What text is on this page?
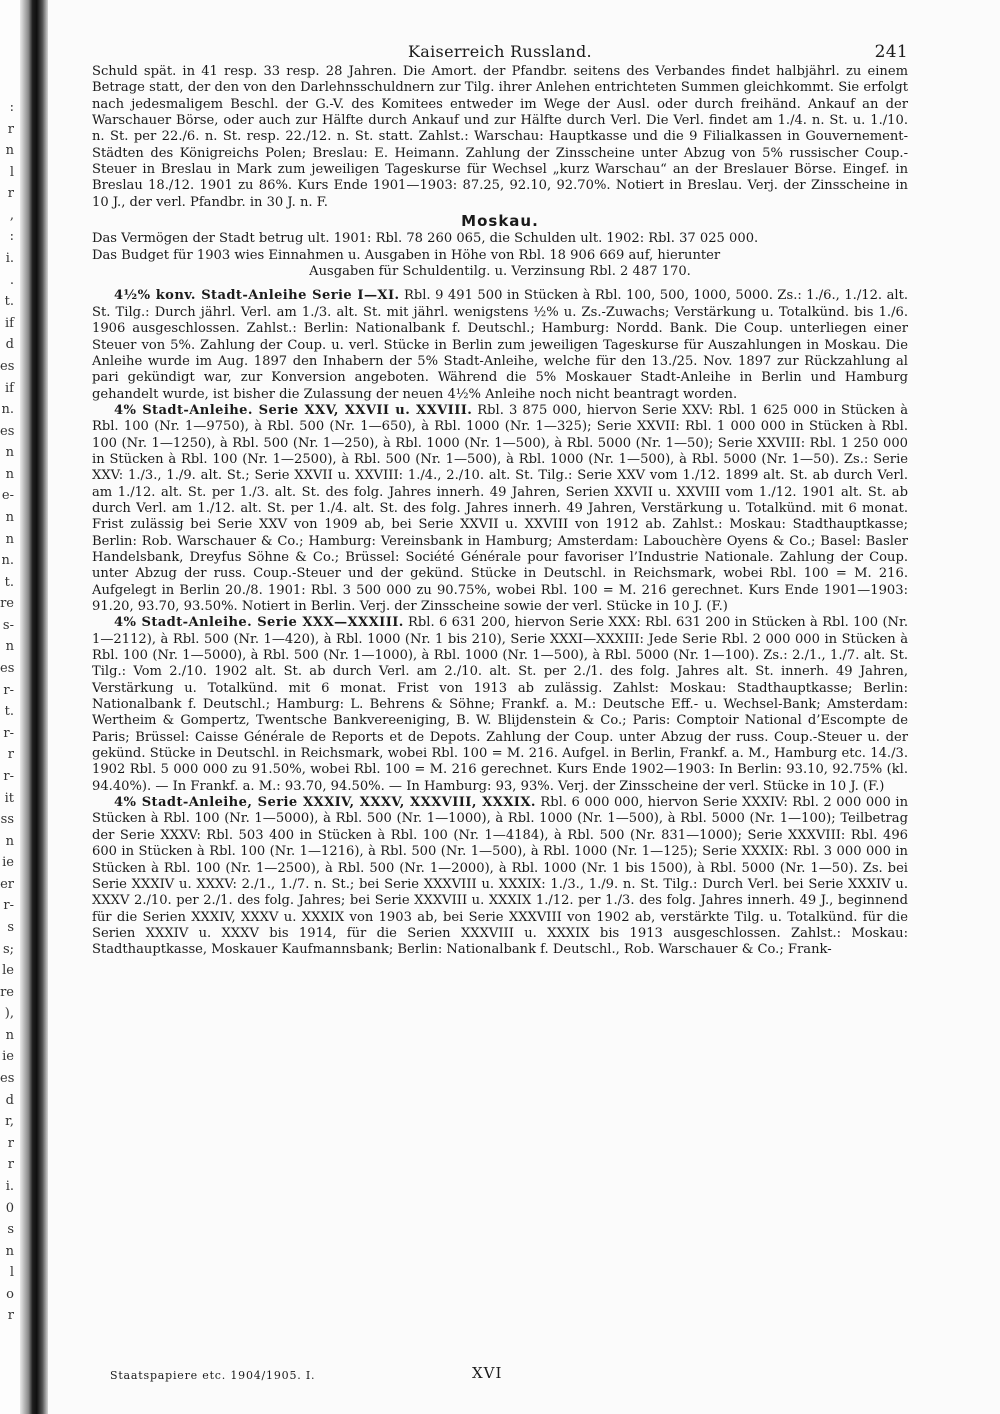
:
r
n
l
r
,
:
i.
.
t.
if
d
es
if
n.
es
n
n
e-
n
n
n.
t.
re
s-
n
es
r-
t.
r-
r
r-
it
ss
n
ie
er
r-
s
s;
le
re
),
n
ie
es
d
r,
r
r
i.
0
s
n
l
o
r
Kaiserreich Russland.	241

Schuld spät. in 41 resp. 33 resp. 28 Jahren. Die Amort. der Pfandbr. seitens des Verbandes findet halbjährl. zu einem Betrage statt, der den von den Darlehnsschuldnern zur Tilg. ihrer Anlehen entrichteten Summen gleichkommt. Sie erfolgt nach jedesmaligem Beschl. der G.-V. des Komitees entweder im Wege der Ausl. oder durch freihänd. Ankauf an der Warschauer Börse, oder auch zur Hälfte durch Ankauf und zur Hälfte durch Verl. Die Verl. findet am 1./4. n. St. u. 1./10. n. St. per 22./6. n. St. resp. 22./12. n. St. statt. Zahlst.: Warschau: Hauptkasse und die 9 Filialkassen in Gouvernement-Städten des Königreichs Polen; Breslau: E. Heimann. Zahlung der Zinsscheine unter Abzug von 5% russischer Coup.-Steuer in Breslau in Mark zum jeweiligen Tageskurse für Wechsel „kurz Warschau“ an der Breslauer Börse. Eingef. in Breslau 18./12. 1901 zu 86%. Kurs Ende 1901—1903: 87.25, 92.10, 92.70%. Notiert in Breslau. Verj. der Zinsscheine in 10 J., der verl. Pfandbr. in 30 J. n. F.

Moskau.

Das Vermögen der Stadt betrug ult. 1901: Rbl. 78 260 065, die Schulden ult. 1902: Rbl. 37 025 000.

Das Budget für 1903 wies Einnahmen u. Ausgaben in Höhe von Rbl. 18 906 669 auf, hierunter

Ausgaben für Schuldentilg. u. Verzinsung Rbl. 2 487 170.

4½% konv. Stadt-Anleihe Serie I—XI. Rbl. 9 491 500 in Stücken à Rbl. 100, 500, 1000, 5000. Zs.: 1./6., 1./12. alt. St. Tilg.: Durch jährl. Verl. am 1./3. alt. St. mit jährl. wenigstens ½% u. Zs.-Zuwachs; Verstärkung u. Totalkünd. bis 1./6. 1906 ausgeschlossen. Zahlst.: Berlin: Nationalbank f. Deutschl.; Hamburg: Nordd. Bank. Die Coup. unterliegen einer Steuer von 5%. Zahlung der Coup. u. verl. Stücke in Berlin zum jeweiligen Tageskurse für Auszahlungen in Moskau. Die Anleihe wurde im Aug. 1897 den Inhabern der 5% Stadt-Anleihe, welche für den 13./25. Nov. 1897 zur Rückzahlung al pari gekündigt war, zur Konversion angeboten. Während die 5% Moskauer Stadt-Anleihe in Berlin und Hamburg gehandelt wurde, ist bisher die Zulassung der neuen 4½% Anleihe noch nicht beantragt worden.

4% Stadt-Anleihe. Serie XXV, XXVII u. XXVIII. Rbl. 3 875 000, hiervon Serie XXV: Rbl. 1 625 000 in Stücken à Rbl. 100 (Nr. 1—9750), à Rbl. 500 (Nr. 1—650), à Rbl. 1000 (Nr. 1—325); Serie XXVII: Rbl. 1 000 000 in Stücken à Rbl. 100 (Nr. 1—1250), à Rbl. 500 (Nr. 1—250), à Rbl. 1000 (Nr. 1—500), à Rbl. 5000 (Nr. 1—50); Serie XXVIII: Rbl. 1 250 000 in Stücken à Rbl. 100 (Nr. 1—2500), à Rbl. 500 (Nr. 1—500), à Rbl. 1000 (Nr. 1—500), à Rbl. 5000 (Nr. 1—50). Zs.: Serie XXV: 1./3., 1./9. alt. St.; Serie XXVII u. XXVIII: 1./4., 2./10. alt. St. Tilg.: Serie XXV vom 1./12. 1899 alt. St. ab durch Verl. am 1./12. alt. St. per 1./3. alt. St. des folg. Jahres innerh. 49 Jahren, Serien XXVII u. XXVIII vom 1./12. 1901 alt. St. ab durch Verl. am 1./12. alt. St. per 1./4. alt. St. des folg. Jahres innerh. 49 Jahren, Verstärkung u. Totalkünd. mit 6 monat. Frist zulässig bei Serie XXV von 1909 ab, bei Serie XXVII u. XXVIII von 1912 ab. Zahlst.: Moskau: Stadthauptkasse; Berlin: Rob. Warschauer & Co.; Hamburg: Vereinsbank in Hamburg; Amsterdam: Labouchère Oyens & Co.; Basel: Basler Handelsbank, Dreyfus Söhne & Co.; Brüssel: Société Générale pour favoriser l’Industrie Nationale. Zahlung der Coup. unter Abzug der russ. Coup.-Steuer und der gekünd. Stücke in Deutschl. in Reichsmark, wobei Rbl. 100 = M. 216. Aufgelegt in Berlin 20./8. 1901: Rbl. 3 500 000 zu 90.75%, wobei Rbl. 100 = M. 216 gerechnet. Kurs Ende 1901—1903: 91.20, 93.70, 93.50%. Notiert in Berlin. Verj. der Zinsscheine sowie der verl. Stücke in 10 J. (F.)

4% Stadt-Anleihe. Serie XXX—XXXIII. Rbl. 6 631 200, hiervon Serie XXX: Rbl. 631 200 in Stücken à Rbl. 100 (Nr. 1—2112), à Rbl. 500 (Nr. 1—420), à Rbl. 1000 (Nr. 1 bis 210), Serie XXXI—XXXIII: Jede Serie Rbl. 2 000 000 in Stücken à Rbl. 100 (Nr. 1—5000), à Rbl. 500 (Nr. 1—1000), à Rbl. 1000 (Nr. 1—500), à Rbl. 5000 (Nr. 1—100). Zs.: 2./1., 1./7. alt. St. Tilg.: Vom 2./10. 1902 alt. St. ab durch Verl. am 2./10. alt. St. per 2./1. des folg. Jahres alt. St. innerh. 49 Jahren, Verstärkung u. Totalkünd. mit 6 monat. Frist von 1913 ab zulässig. Zahlst: Moskau: Stadthauptkasse; Berlin: Nationalbank f. Deutschl.; Hamburg: L. Behrens & Söhne; Frankf. a. M.: Deutsche Eff.- u. Wechsel-Bank; Amsterdam: Wertheim & Gompertz, Twentsche Bankvereeniging, B. W. Blijdenstein & Co.; Paris: Comptoir National d’Escompte de Paris; Brüssel: Caisse Générale de Reports et de Depots. Zahlung der Coup. unter Abzug der russ. Coup.-Steuer u. der gekünd. Stücke in Deutschl. in Reichsmark, wobei Rbl. 100 = M. 216. Aufgel. in Berlin, Frankf. a. M., Hamburg etc. 14./3. 1902 Rbl. 5 000 000 zu 91.50%, wobei Rbl. 100 = M. 216 gerechnet. Kurs Ende 1902—1903: In Berlin: 93.10, 92.75% (kl. 94.40%). — In Frankf. a. M.: 93.70, 94.50%. — In Hamburg: 93, 93%. Verj. der Zinsscheine der verl. Stücke in 10 J. (F.)

4% Stadt-Anleihe, Serie XXXIV, XXXV, XXXVIII, XXXIX. Rbl. 6 000 000, hiervon Serie XXXIV: Rbl. 2 000 000 in Stücken à Rbl. 100 (Nr. 1—5000), à Rbl. 500 (Nr. 1—1000), à Rbl. 1000 (Nr. 1—500), à Rbl. 5000 (Nr. 1—100); Teilbetrag der Serie XXXV: Rbl. 503 400 in Stücken à Rbl. 100 (Nr. 1—4184), à Rbl. 500 (Nr. 831—1000); Serie XXXVIII: Rbl. 496 600 in Stücken à Rbl. 100 (Nr. 1—1216), à Rbl. 500 (Nr. 1—500), à Rbl. 1000 (Nr. 1—125); Serie XXXIX: Rbl. 3 000 000 in Stücken à Rbl. 100 (Nr. 1—2500), à Rbl. 500 (Nr. 1—2000), à Rbl. 1000 (Nr. 1 bis 1500), à Rbl. 5000 (Nr. 1—50). Zs. bei Serie XXXIV u. XXXV: 2./1., 1./7. n. St.; bei Serie XXXVIII u. XXXIX: 1./3., 1./9. n. St. Tilg.: Durch Verl. bei Serie XXXIV u. XXXV 2./10. per 2./1. des folg. Jahres; bei Serie XXXVIII u. XXXIX 1./12. per 1./3. des folg. Jahres innerh. 49 J., beginnend für die Serien XXXIV, XXXV u. XXXIX von 1903 ab, bei Serie XXXVIII von 1902 ab, verstärkte Tilg. u. Totalkünd. für die Serien XXXIV u. XXXV bis 1914, für die Serien XXXVIII u. XXXIX bis 1913 ausgeschlossen. Zahlst.: Moskau: Stadthauptkasse, Moskauer Kaufmannsbank; Berlin: Nationalbank f. Deutschl., Rob. Warschauer & Co.; Frank-

Staatspapiere etc. 1904/1905. I.	XVI
